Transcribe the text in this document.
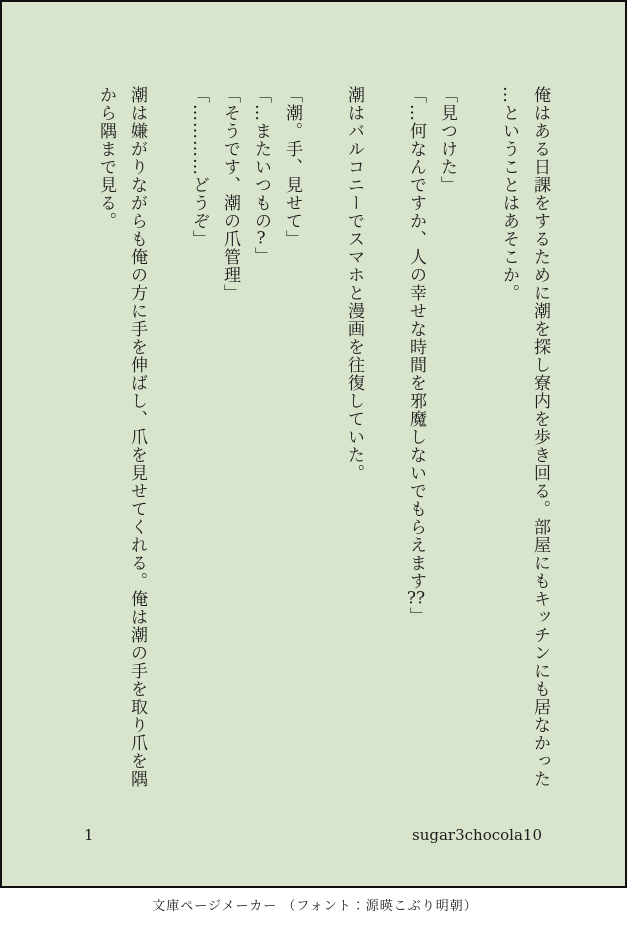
俺はある日課をするために潮を探し寮内を歩き回る。部屋にもキッチンにも居なかった

…ということはあそこか。

「見つけた」

「…何なんですか、人の幸せな時間を邪魔しないでもらえます??」

潮はバルコニーでスマホと漫画を往復していた。

「潮。手、見せて」

「…またいつもの?」

「そうです、潮の爪管理」

「…………どうぞ」

潮は嫌がりながらも俺の方に手を伸ばし、爪を見せてくれる。俺は潮の手を取り爪を隅

から隅まで見る。

1	sugar3chocola10
文庫ページメーカー （フォント：源暎こぶり明朝）
